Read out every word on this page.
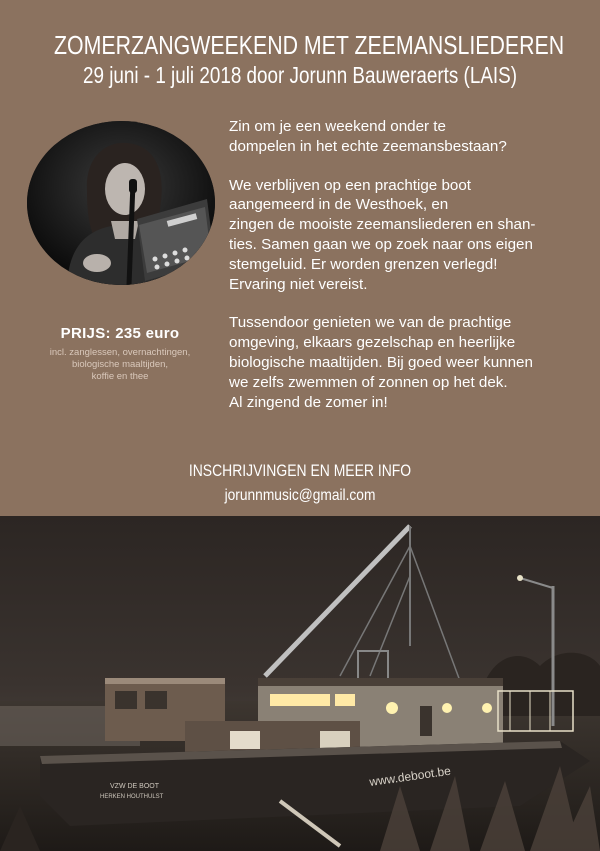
ZOMERZANGWEEKEND MET ZEEMANSLIEDEREN
29 juni - 1 juli 2018 door Jorunn Bauweraerts (LAIS)
PRIJS: 235 euro
incl. zanglessen, overnachtingen,
biologische maaltijden,
koffie en thee

Zin om je een weekend onder te
dompelen in het echte zeemansbestaan?

We verblijven op een prachtige boot
aangemeerd in de Westhoek, en
zingen de mooiste zeemansliederen en shan-
ties. Samen gaan we op zoek naar ons eigen
stemgeluid. Er worden grenzen verlegd!
Ervaring niet vereist.

Tussendoor genieten we van de prachtige
omgeving, elkaars gezelschap en heerlijke
biologische maaltijden. Bij goed weer kunnen
we zelfs zwemmen of zonnen op het dek.
Al zingend de zomer in!

INSCHRIJVINGEN EN MEER INFO
jorunnmusic@gmail.com
www.deboot.be
VZW DE BOOT
HERKEN HOUTHULST
